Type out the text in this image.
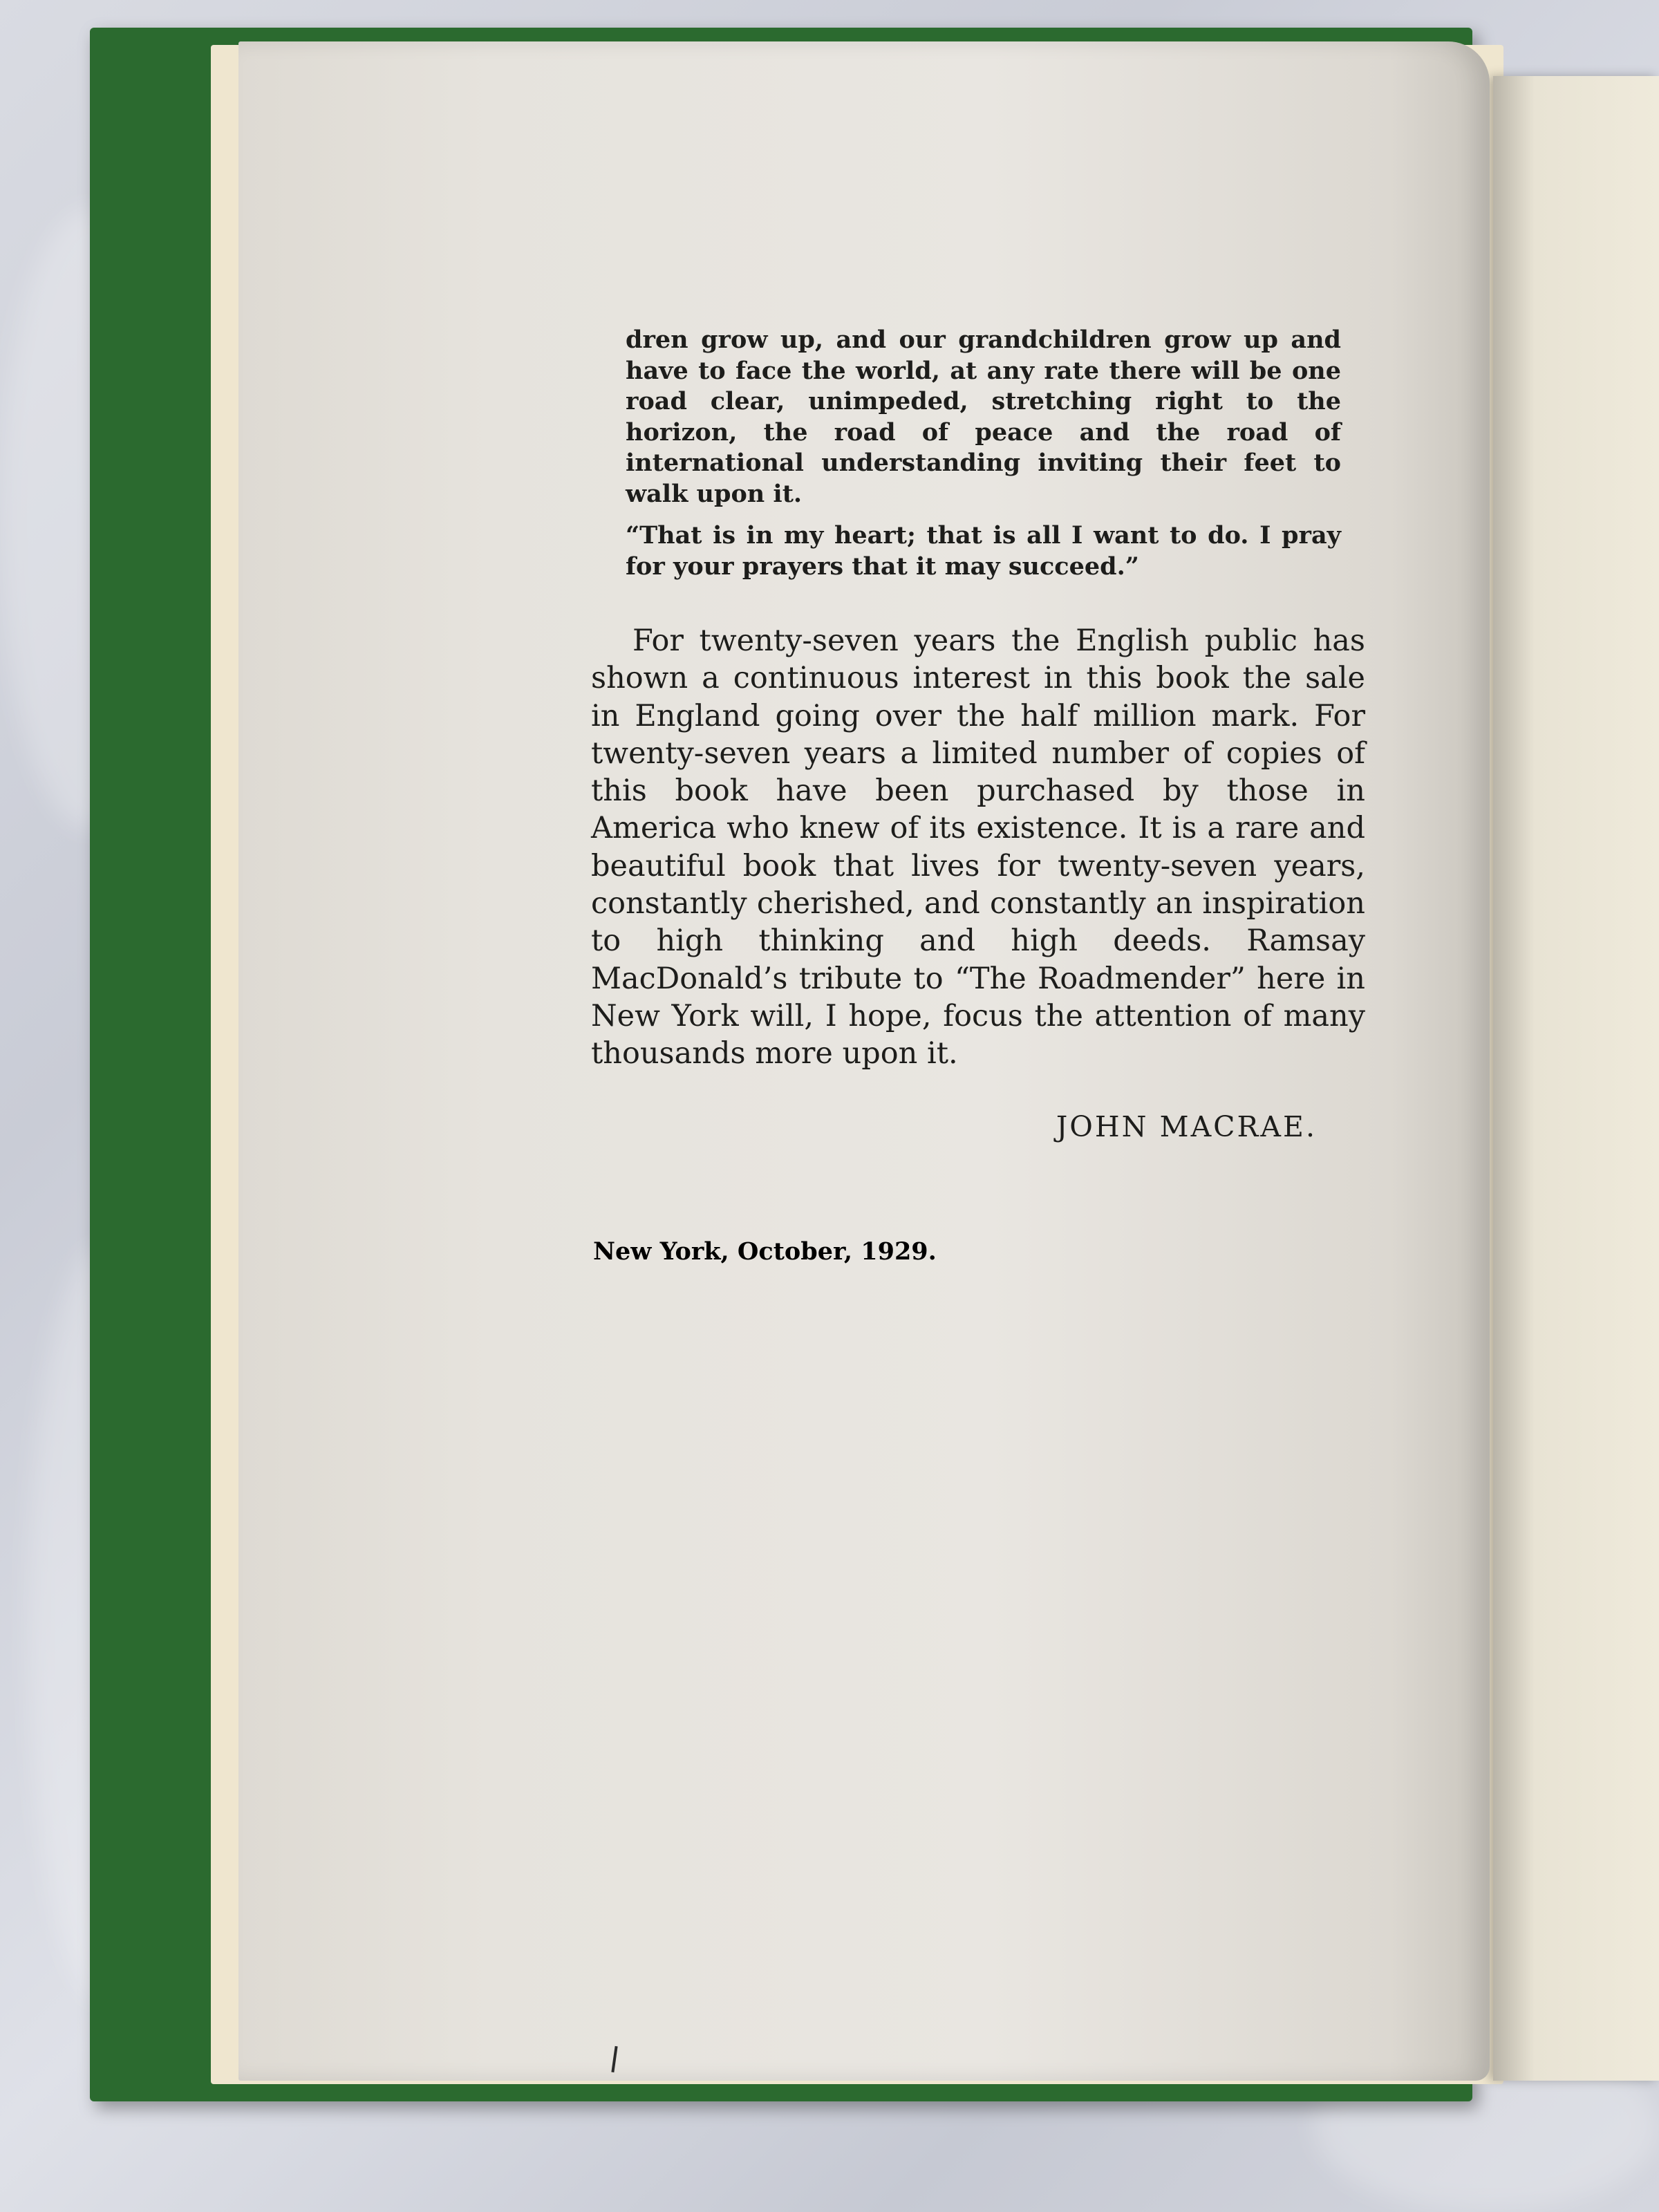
dren grow up, and our grandchildren grow up and have to face the world, at any rate there will be one road clear, unimpeded, stretching right to the horizon, the road of peace and the road of international understanding inviting their feet to walk upon it.

“That is in my heart; that is all I want to do. I pray for your prayers that it may succeed.”

For twenty-seven years the English public has shown a continuous interest in this book the sale in England going over the half million mark. For twenty-seven years a limited number of copies of this book have been purchased by those in America who knew of its existence. It is a rare and beautiful book that lives for twenty-seven years, constantly cherished, and constantly an inspiration to high thinking and high deeds. Ramsay MacDonald’s tribute to “The Roadmender” here in New York will, I hope, focus the attention of many thousands more upon it.
JOHN MACRAE.
New York, October, 1929.
